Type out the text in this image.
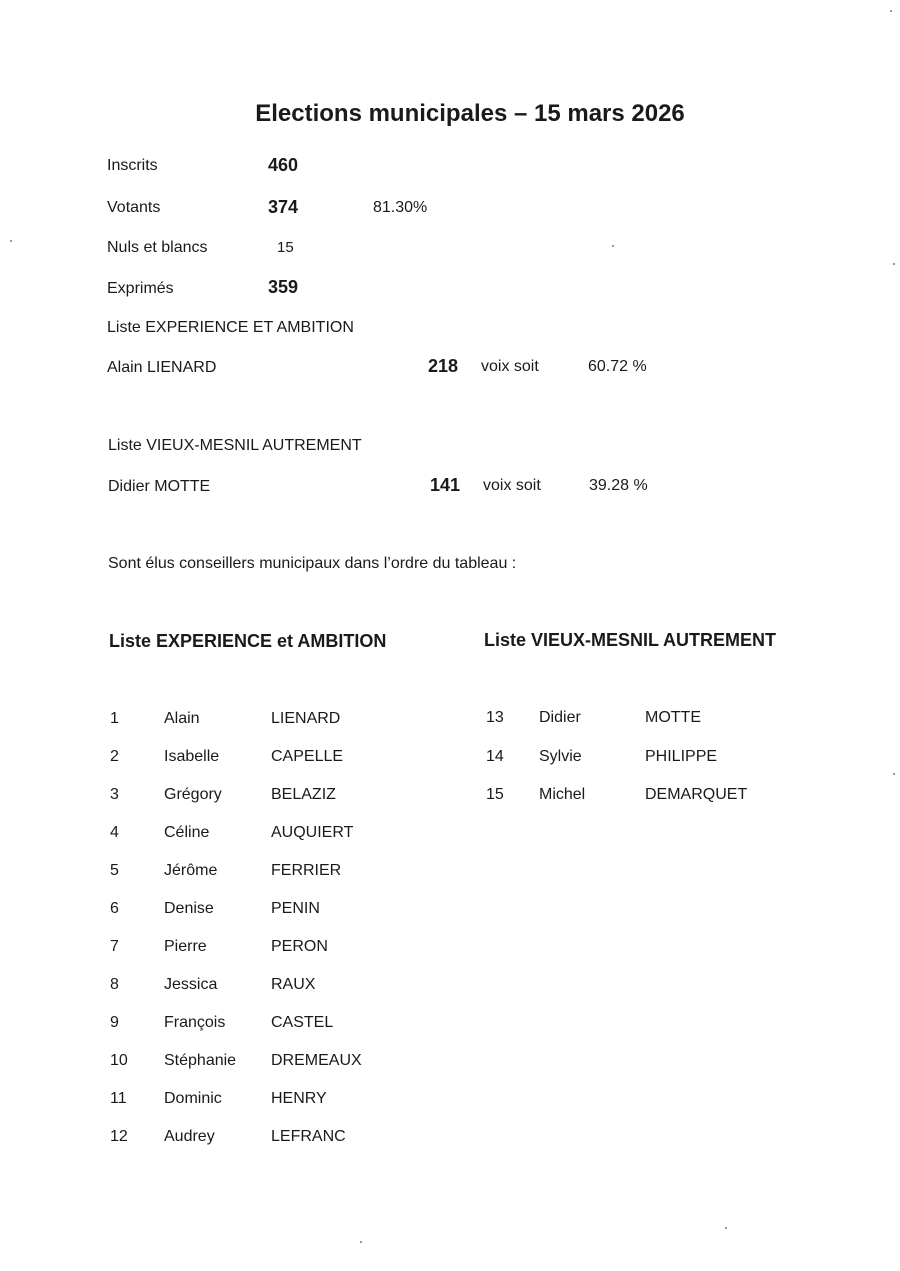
Elections municipales – 15 mars 2026
Inscrits	460
Votants	374	81.30%
Nuls et blancs	15
Exprimés	359
Liste EXPERIENCE ET AMBITION
Alain LIENARD	218 voix soit	60.72 %
Liste VIEUX-MESNIL AUTREMENT
Didier MOTTE	141 voix soit	39.28 %
Sont élus conseillers municipaux dans l’ordre du tableau :
Liste EXPERIENCE et AMBITION	Liste VIEUX-MESNIL AUTREMENT
1	Alain	LIENARD
2	Isabelle	CAPELLE
3	Grégory	BELAZIZ
4	Céline	AUQUIERT
5	Jérôme	FERRIER
6	Denise	PENIN
7	Pierre	PERON
8	Jessica	RAUX
9	François	CASTEL
10 Stéphanie DREMEAUX
11 Dominic	HENRY
12 Audrey	LEFRANC
13 Didier	MOTTE
14 Sylvie	PHILIPPE
15 Michel	DEMARQUET
